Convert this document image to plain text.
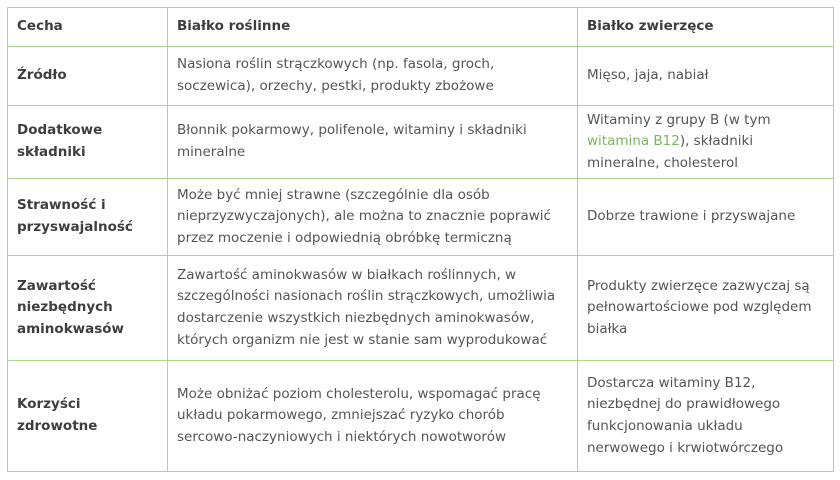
Cecha	Białko roślinne	Białko zwierzęce
Źródło	Nasiona roślin strączkowych (np. fasola, groch, soczewica), orzechy, pestki, produkty zbożowe	Mięso, jaja, nabiał
Dodatkowe składniki	Błonnik pokarmowy, polifenole, witaminy i składniki mineralne	Witaminy z grupy B (w tym witamina B12), składniki mineralne, cholesterol
Strawność i przyswajalność	Może być mniej strawne (szczególnie dla osób nieprzyzwyczajonych), ale można to znacznie poprawić przez moczenie i odpowiednią obróbkę termiczną	Dobrze trawione i przyswajane
Zawartość niezbędnych aminokwasów	Zawartość aminokwasów w białkach roślinnych, w szczególności nasionach roślin strączkowych, umożliwia dostarczenie wszystkich niezbędnych aminokwasów, których organizm nie jest w stanie sam wyprodukować	Produkty zwierzęce zazwyczaj są pełnowartościowe pod względem białka
Korzyści zdrowotne	Może obniżać poziom cholesterolu, wspomagać pracę układu pokarmowego, zmniejszać ryzyko chorób sercowo-naczyniowych i niektórych nowotworów	Dostarcza witaminy B12, niezbędnej do prawidłowego funkcjonowania układu nerwowego i krwiotwórczego
